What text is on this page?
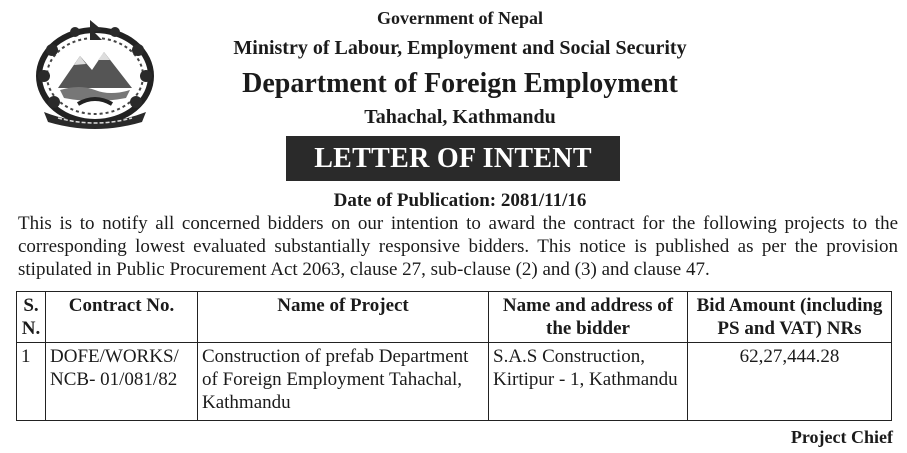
Government of Nepal
Ministry of Labour, Employment and Social Security
Department of Foreign Employment
Tahachal, Kathmandu
LETTER OF INTENT
Date of Publication: 2081/11/16
This is to notify all concerned bidders on our intention to award the contract for the following projects to the corresponding lowest evaluated substantially responsive bidders. This notice is published as per the provision stipulated in Public Procurement Act 2063, clause 27, sub-clause (2) and (3) and clause 47.
S. N.	Contract No.	Name of Project	Name and address of the bidder	Bid Amount (including PS and VAT) NRs
1	DOFE/WORKS/ NCB- 01/081/82	Construction of prefab Department of Foreign Employment Tahachal, Kathmandu	S.A.S Construction, Kirtipur - 1, Kathmandu	62,27,444.28
Project Chief
